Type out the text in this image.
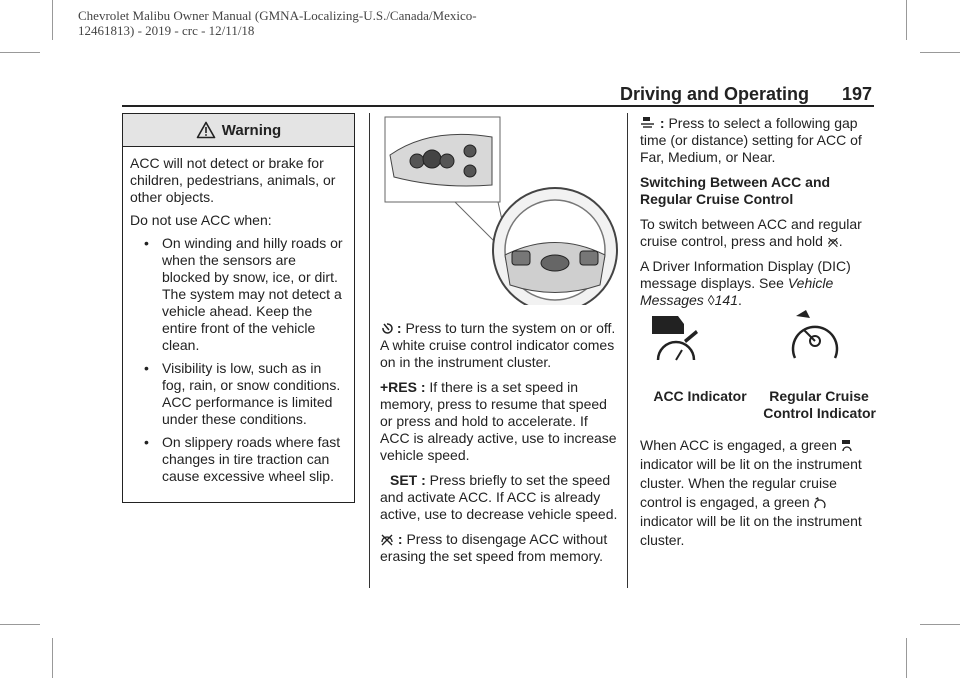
Chevrolet Malibu Owner Manual (GMNA-Localizing-U.S./Canada/Mexico-
12461813) - 2019 - crc - 12/11/18
Driving and Operating 197
Warning

ACC will not detect or brake for children, pedestrians, animals, or other objects.

Do not use ACC when:

• On winding and hilly roads or when the sensors are blocked by snow, ice, or dirt. The system may not detect a vehicle ahead. Keep the entire front of the vehicle clean.
• Visibility is low, such as in fog, rain, or snow conditions. ACC performance is limited under these conditions.
• On slippery roads where fast changes in tire traction can cause excessive wheel slip.

: Press to turn the system on or off. A white cruise control indicator comes on in the instrument cluster.

+RES : If there is a set speed in memory, press to resume that speed or press and hold to accelerate. If ACC is already active, use to increase vehicle speed.

SET : Press briefly to set the speed and activate ACC. If ACC is already active, use to decrease vehicle speed.

: Press to disengage ACC without erasing the set speed from memory.

: Press to select a following gap time (or distance) setting for ACC of Far, Medium, or Near.

Switching Between ACC and Regular Cruise Control

To switch between ACC and regular cruise control, press and hold .

A Driver Information Display (DIC) message displays. See Vehicle Messages ◊141.

ACC Indicator	Regular Cruise
Control Indicator

When ACC is engaged, a green  indicator will be lit on the instrument cluster. When the regular cruise control is engaged, a green  indicator will be lit on the instrument cluster.
